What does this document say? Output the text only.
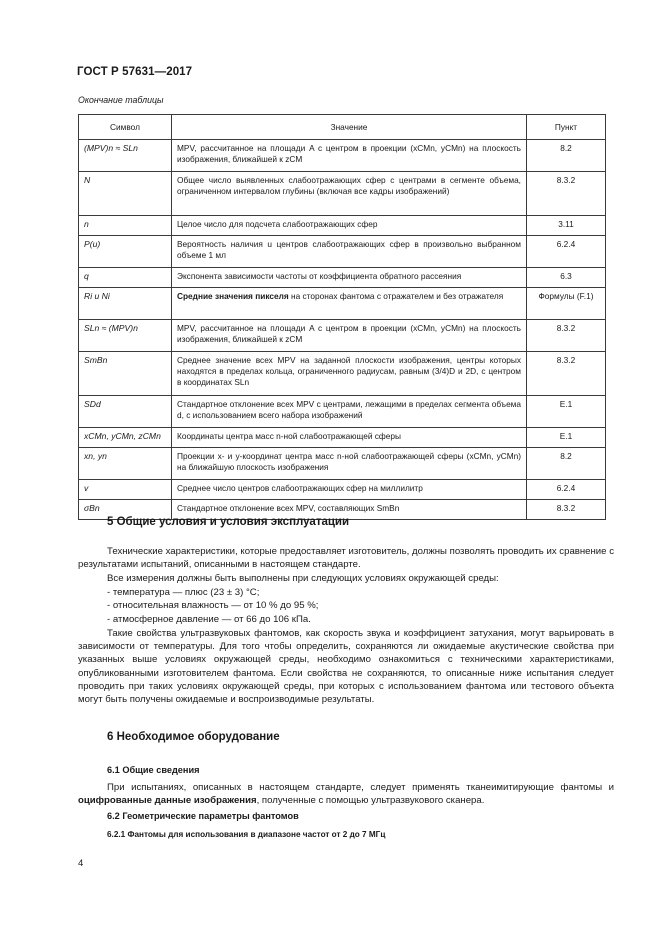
ГОСТ Р 57631—2017
Окончание таблицы
Символ	Значение	Пункт
(MPV)n ≈ SLn	MPV, рассчитанное на площади A с центром в проекции (xCMn, yCMn) на плоскость изображения, ближайшей к zCM	8.2
N	Общее число выявленных слабоотражающих сфер с центрами в сегменте объема, ограниченном интервалом глубины (включая все кадры изображений)	8.3.2
n	Целое число для подсчета слабоотражающих сфер	3.11
P(u)	Вероятность наличия u центров слабоотражающих сфер в произвольно выбранном объеме 1 мл	6.2.4
q	Экспонента зависимости частоты от коэффициента обратного рассеяния	6.3
Ri и Ni	Средние значения пикселя на сторонах фантома с отражателем и без отражателя	Формулы (F.1)
SLn ≈ (MPV)n	MPV, рассчитанное на площади A с центром в проекции (xCMn, yCMn) на плоскость изображения, ближайшей к zCM	8.3.2
SmBn	Среднее значение всех MPV на заданной плоскости изображения, центры которых находятся в пределах кольца, ограниченного радиусам, равным (3/4)D и 2D, с центром в координатах SLn	8.3.2
SDd	Стандартное отклонение всех MPV с центрами, лежащими в пределах сегмента объема d, с использованием всего набора изображений	E.1
xCMn, yCMn, zCMn	Координаты центра масс n-ной слабоотражающей сферы	E.1
xn, yn	Проекции x- и y-координат центра масс n-ной слабоотражающей сферы (xCMn, yCMn) на ближайшую плоскость изображения	8.2
v	Среднее число центров слабоотражающих сфер на миллилитр	6.2.4
σBn	Стандартное отклонение всех MPV, составляющих SmBn	8.3.2
5 Общие условия и условия эксплуатации
Технические характеристики, которые предоставляет изготовитель, должны позволять проводить их сравнение с результатами испытаний, описанными в настоящем стандарте.
Все измерения должны быть выполнены при следующих условиях окружающей среды:
- температура — плюс (23 ± 3) °C;
- относительная влажность — от 10 % до 95 %;
- атмосферное давление — от 66 до 106 кПа.
Такие свойства ультразвуковых фантомов, как скорость звука и коэффициент затухания, могут варьировать в зависимости от температуры. Для того чтобы определить, сохраняются ли ожидаемые акустические свойства при указанных выше условиях окружающей среды, необходимо ознакомиться с техническими характеристиками, опубликованными изготовителем фантома. Если свойства не сохраняются, то описанные ниже испытания следует проводить при таких условиях окружающей среды, при которых с использованием фантома или тестового объекта могут быть получены ожидаемые и воспроизводимые результаты.
6 Необходимое оборудование
6.1 Общие сведения
При испытаниях, описанных в настоящем стандарте, следует применять тканеимитирующие фантомы и оцифрованные данные изображения, полученные с помощью ультразвукового сканера.
6.2 Геометрические параметры фантомов
6.2.1 Фантомы для использования в диапазоне частот от 2 до 7 МГц
4
